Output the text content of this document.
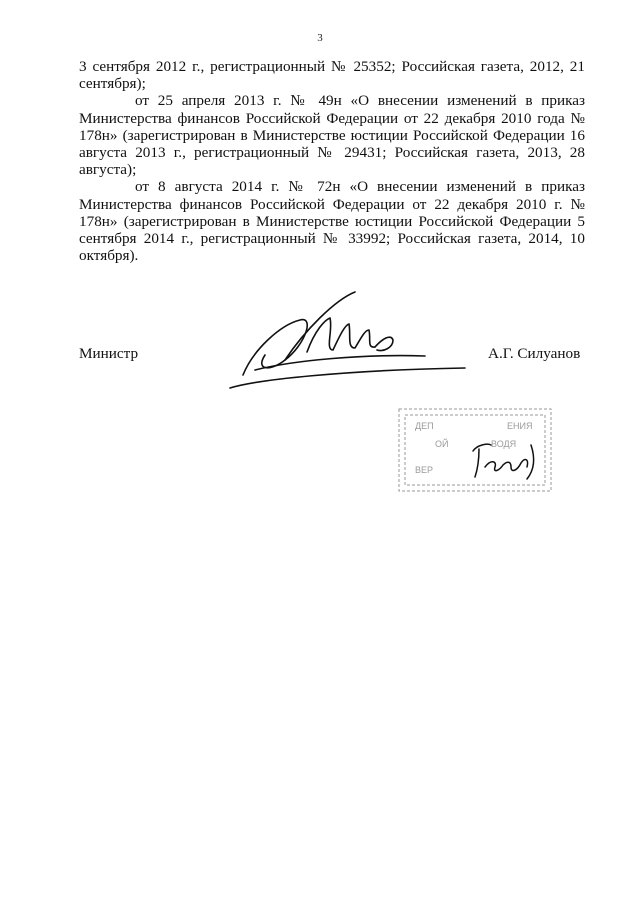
3

3 сентября 2012 г., регистрационный № 25352; Российская газета, 2012, 21 сентября);

от 25 апреля 2013 г. № 49н «О внесении изменений в приказ Министерства финансов Российской Федерации от 22 декабря 2010 года № 178н» (зарегистрирован в Министерстве юстиции Российской Федерации 16 августа 2013 г., регистрационный № 29431; Российская газета, 2013, 28 августа);

от 8 августа 2014 г. № 72н «О внесении изменений в приказ Министерства финансов Российской Федерации от 22 декабря 2010 г. № 178н» (зарегистрирован в Министерстве юстиции Российской Федерации 5 сентября 2014 г., регистрационный № 33992; Российская газета, 2014, 10 октября).

Министр	А.Г. Силуанов
ДЕП	ЕНИЯ
ОЙ	ВОДЯ
ВЕР
